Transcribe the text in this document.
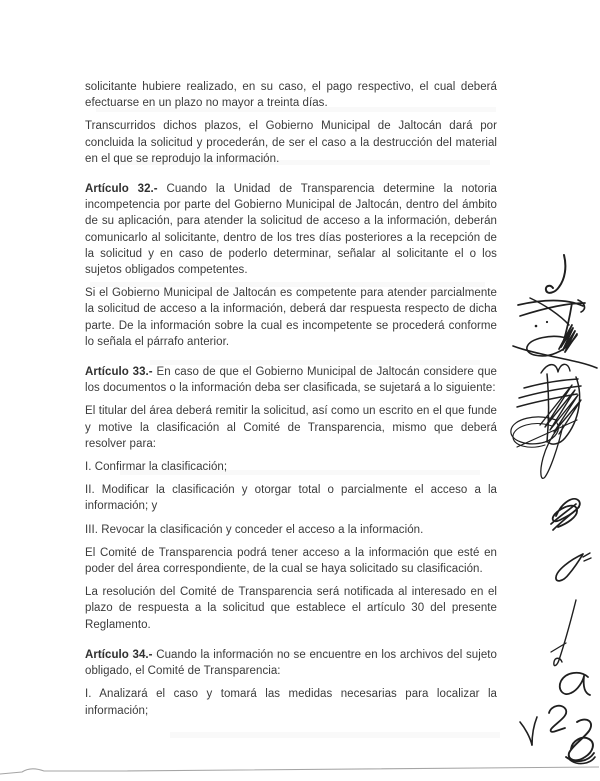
solicitante hubiere realizado, en su caso, el pago respectivo, el cual deberá efectuarse en un plazo no mayor a treinta días.

Transcurridos dichos plazos, el Gobierno Municipal de Jaltocán dará por concluida la solicitud y procederán, de ser el caso a la destrucción del material en el que se reprodujo la información.

Artículo 32.- Cuando la Unidad de Transparencia determine la notoria incompetencia por parte del Gobierno Municipal de Jaltocán, dentro del ámbito de su aplicación, para atender la solicitud de acceso a la información, deberán comunicarlo al solicitante, dentro de los tres días posteriores a la recepción de la solicitud y en caso de poderlo determinar, señalar al solicitante el o los sujetos obligados competentes.

Si el Gobierno Municipal de Jaltocán es competente para atender parcialmente la solicitud de acceso a la información, deberá dar respuesta respecto de dicha parte. De la información sobre la cual es incompetente se procederá conforme lo señala el párrafo anterior.

Artículo 33.- En caso de que el Gobierno Municipal de Jaltocán considere que los documentos o la información deba ser clasificada, se sujetará a lo siguiente:

El titular del área deberá remitir la solicitud, así como un escrito en el que funde y motive la clasificación al Comité de Transparencia, mismo que deberá resolver para:

I. Confirmar la clasificación;

II. Modificar la clasificación y otorgar total o parcialmente el acceso a la información; y

III. Revocar la clasificación y conceder el acceso a la información.

El Comité de Transparencia podrá tener acceso a la información que esté en poder del área correspondiente, de la cual se haya solicitado su clasificación.

La resolución del Comité de Transparencia será notificada al interesado en el plazo de respuesta a la solicitud que establece el artículo 30 del presente Reglamento.

Artículo 34.- Cuando la información no se encuentre en los archivos del sujeto obligado, el Comité de Transparencia:

I. Analizará el caso y tomará las medidas necesarias para localizar la información;
